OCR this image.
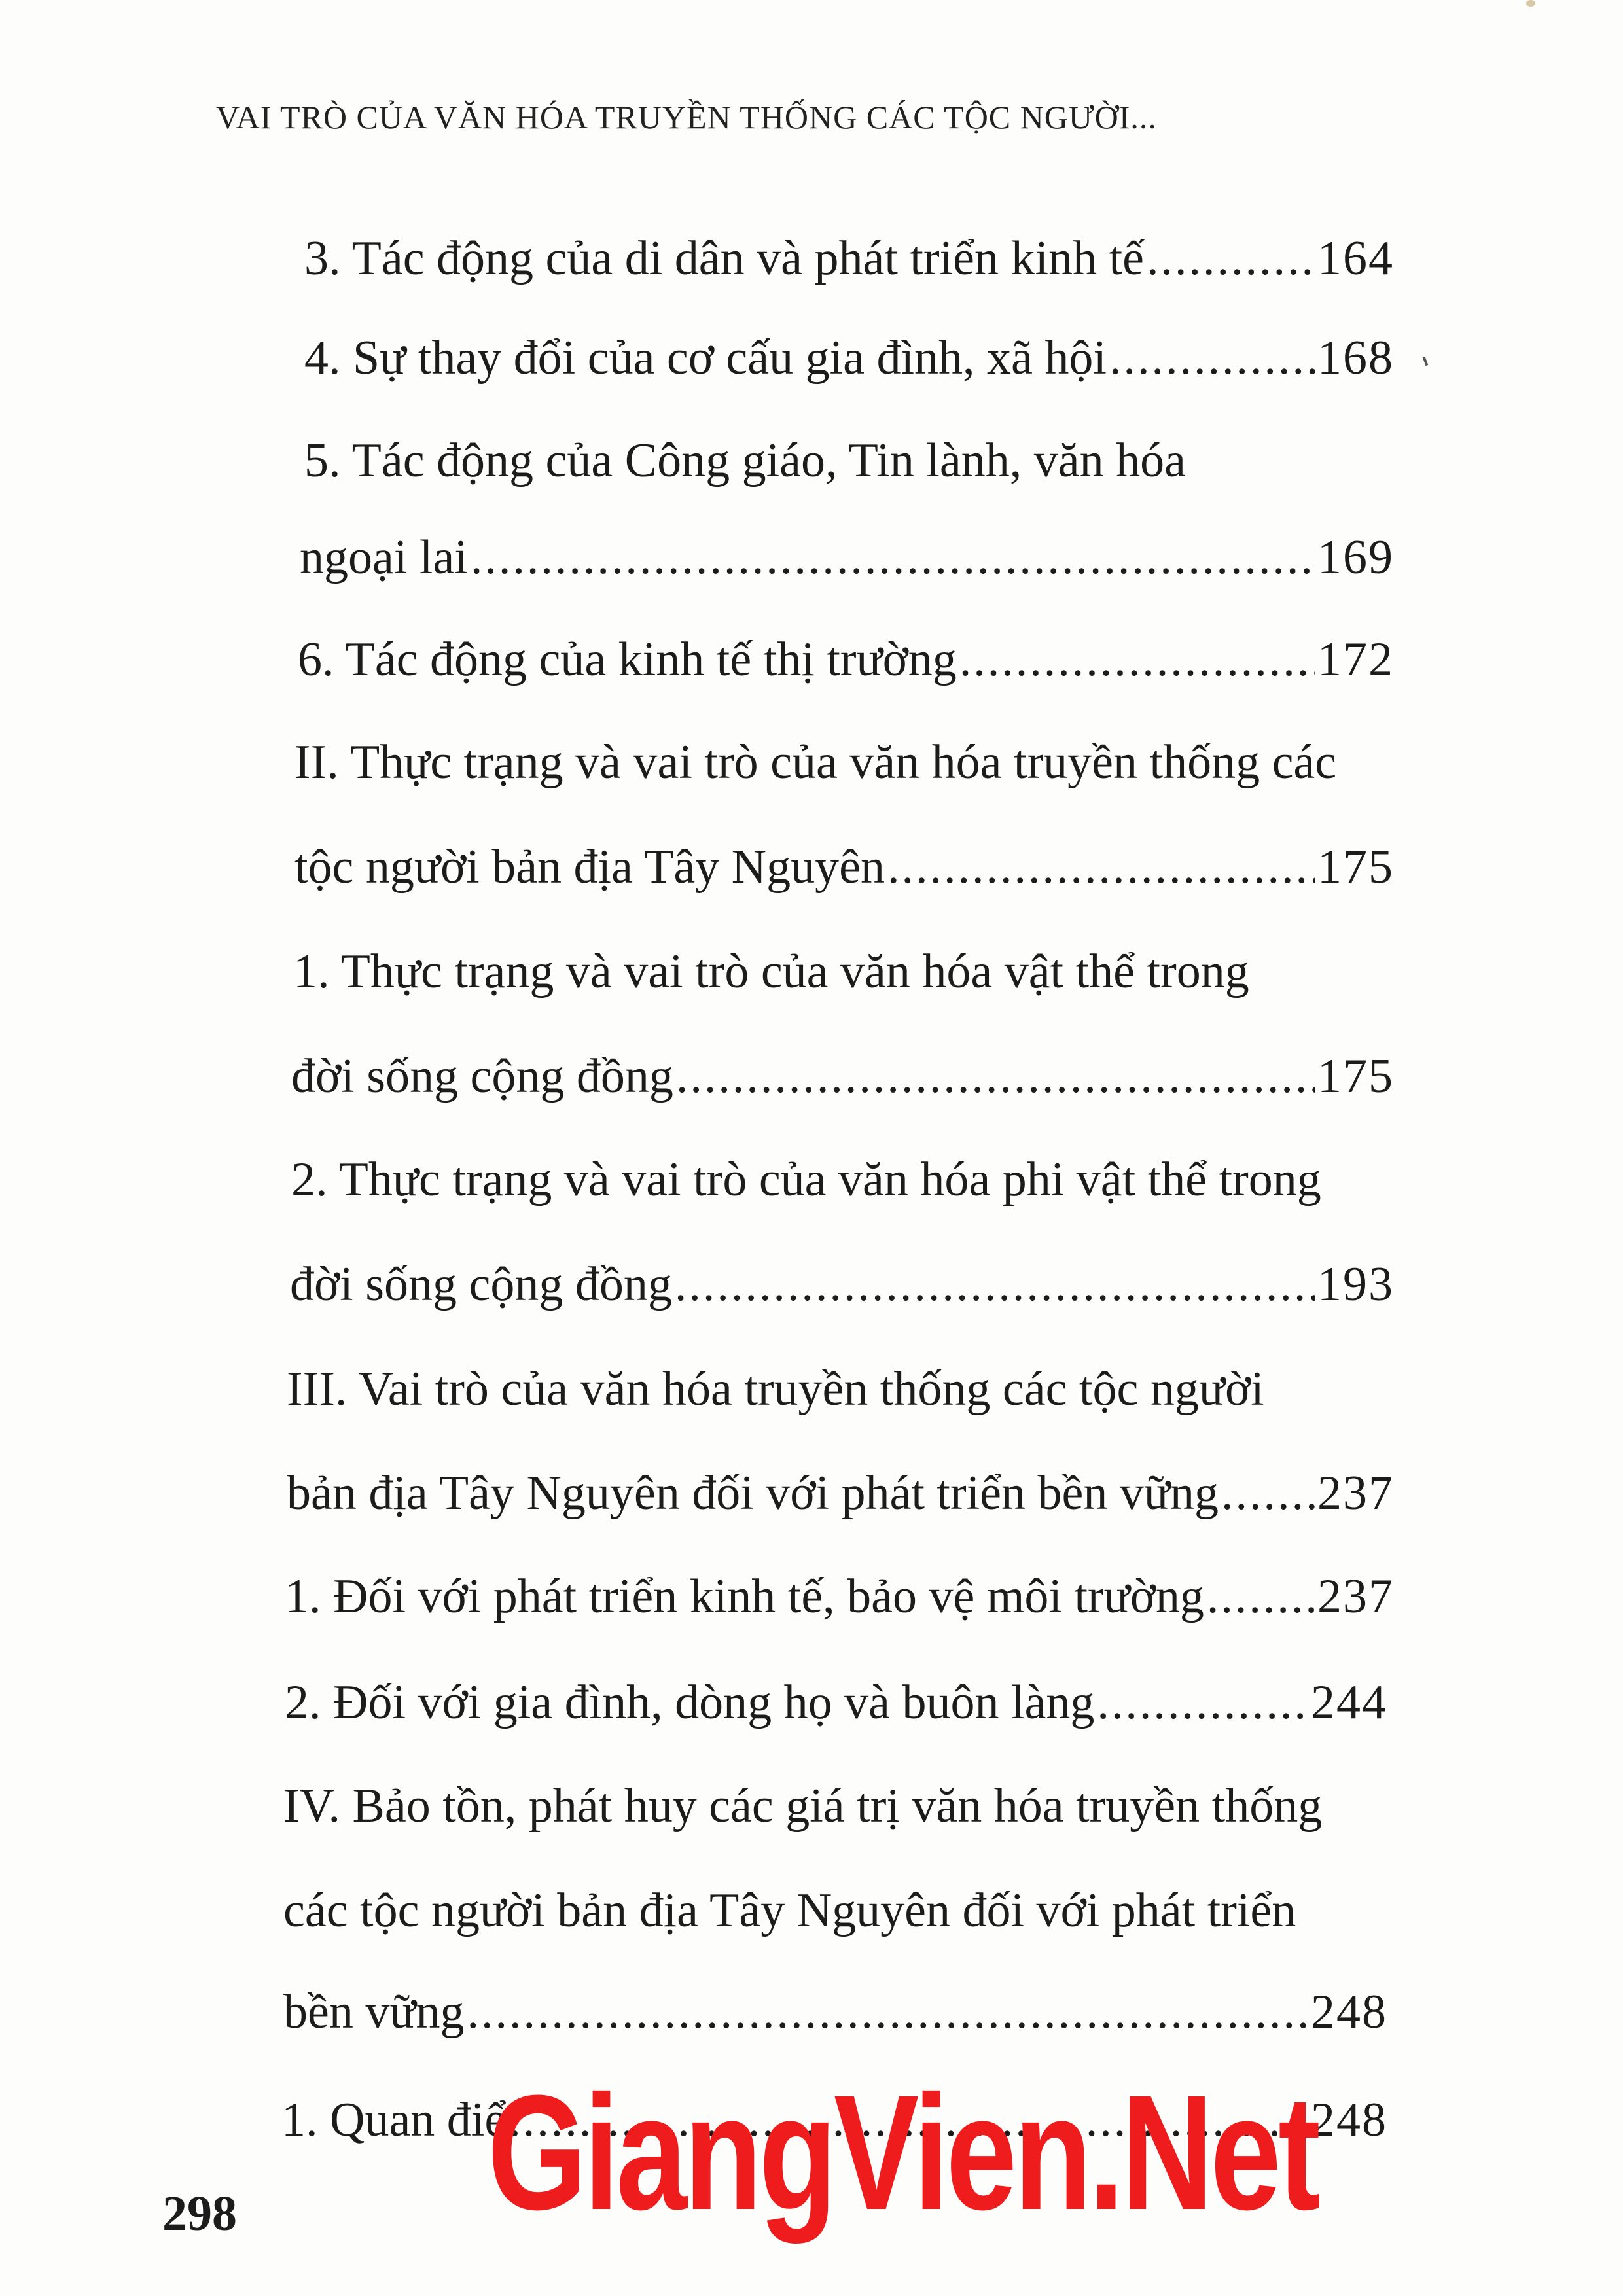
VAI TRÒ CỦA VĂN HÓA TRUYỀN THỐNG CÁC TỘC NGƯỜI...
3. Tác động của di dân và phát triển kinh tế .....	164
4. Sự thay đổi của cơ cấu gia đình, xã hội .....	168
5. Tác động của Công giáo, Tin lành, văn hóa
ngoại lai .....	169
6. Tác động của kinh tế thị trường .....	172
II. Thực trạng và vai trò của văn hóa truyền thống các
tộc người bản địa Tây Nguyên .....	175
1. Thực trạng và vai trò của văn hóa vật thể trong
đời sống cộng đồng .....	175
2. Thực trạng và vai trò của văn hóa phi vật thể trong
đời sống cộng đồng .....	193
III. Vai trò của văn hóa truyền thống các tộc người
bản địa Tây Nguyên đối với phát triển bền vững ..... 237
1. Đối với phát triển kinh tế, bảo vệ môi trường ..... 237
2. Đối với gia đình, dòng họ và buôn làng .....	244
IV. Bảo tồn, phát huy các giá trị văn hóa truyền thống
các tộc người bản địa Tây Nguyên đối với phát triển
bền vững .....	248
1. Quan điể .....	248
GiangVien.Net
298
